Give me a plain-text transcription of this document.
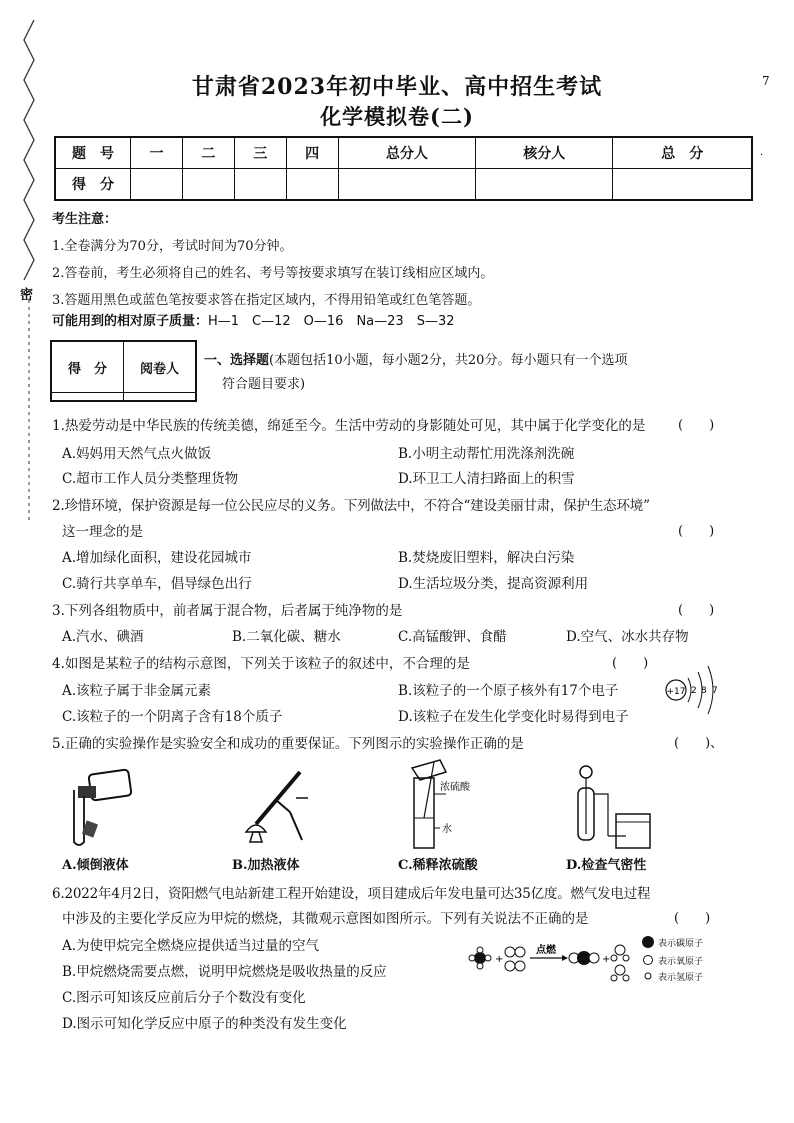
7
·
密
甘肃省2023年初中毕业、高中招生考试
化学模拟卷(二)
题　号	一	二	三	四	总分人	核分人	总　分
得　分							
考生注意：
1.全卷满分为70分，考试时间为70分钟。
2.答卷前，考生必须将自己的姓名、考号等按要求填写在装订线相应区域内。
3.答题用黑色或蓝色笔按要求答在指定区域内，不得用铅笔或红色笔答题。
可能用到的相对原子质量：H—1　C—12　O—16　Na—23　S—32
得　分	阅卷人

一、选择题(本题包括10小题，每小题2分，共20分。每小题只有一个选项
符合题目要求)
1.热爱劳动是中华民族的传统美德，绵延至今。生活中劳动的身影随处可见，其中属于化学变化的是	(　　)
A.妈妈用天然气点火做饭	B.小明主动帮忙用洗涤剂洗碗
C.超市工作人员分类整理货物	D.环卫工人清扫路面上的积雪
2.珍惜环境，保护资源是每一位公民应尽的义务。下列做法中，不符合“建设美丽甘肃，保护生态环境”
这一理念的是	(　　)
A.增加绿化面积，建设花园城市	B.焚烧废旧塑料，解决白污染
C.骑行共享单车，倡导绿色出行	D.生活垃圾分类，提高资源利用
3.下列各组物质中，前者属于混合物，后者属于纯净物的是	(　　)
A.汽水、碘酒	B.二氧化碳、糖水	C.高锰酸钾、食醋	D.空气、冰水共存物
4.如图是某粒子的结构示意图，下列关于该粒子的叙述中，不合理的是	(　　)
A.该粒子属于非金属元素	B.该粒子的一个原子核外有17个电子
C.该粒子的一个阴离子含有18个质子	D.该粒子在发生化学变化时易得到电子
+17 2 8 7
5.正确的实验操作是实验安全和成功的重要保证。下列图示的实验操作正确的是	(　　)、
浓硫酸
水
A.倾倒液体	B.加热液体	C.稀释浓硫酸	D.检查气密性
6.2022年4月2日，资阳燃气电站新建工程开始建设，项目建成后年发电量可达35亿度。燃气发电过程
中涉及的主要化学反应为甲烷的燃烧，其微观示意图如图所示。下列有关说法不正确的是	(　　)
A.为使甲烷完全燃烧应提供适当过量的空气
B.甲烷燃烧需要点燃，说明甲烷燃烧是吸收热量的反应
C.图示可知该反应前后分子个数没有变化
D.图示可知化学反应中原子的种类没有发生变化
+
点燃
+
表示碳原子
表示氧原子
表示氢原子
